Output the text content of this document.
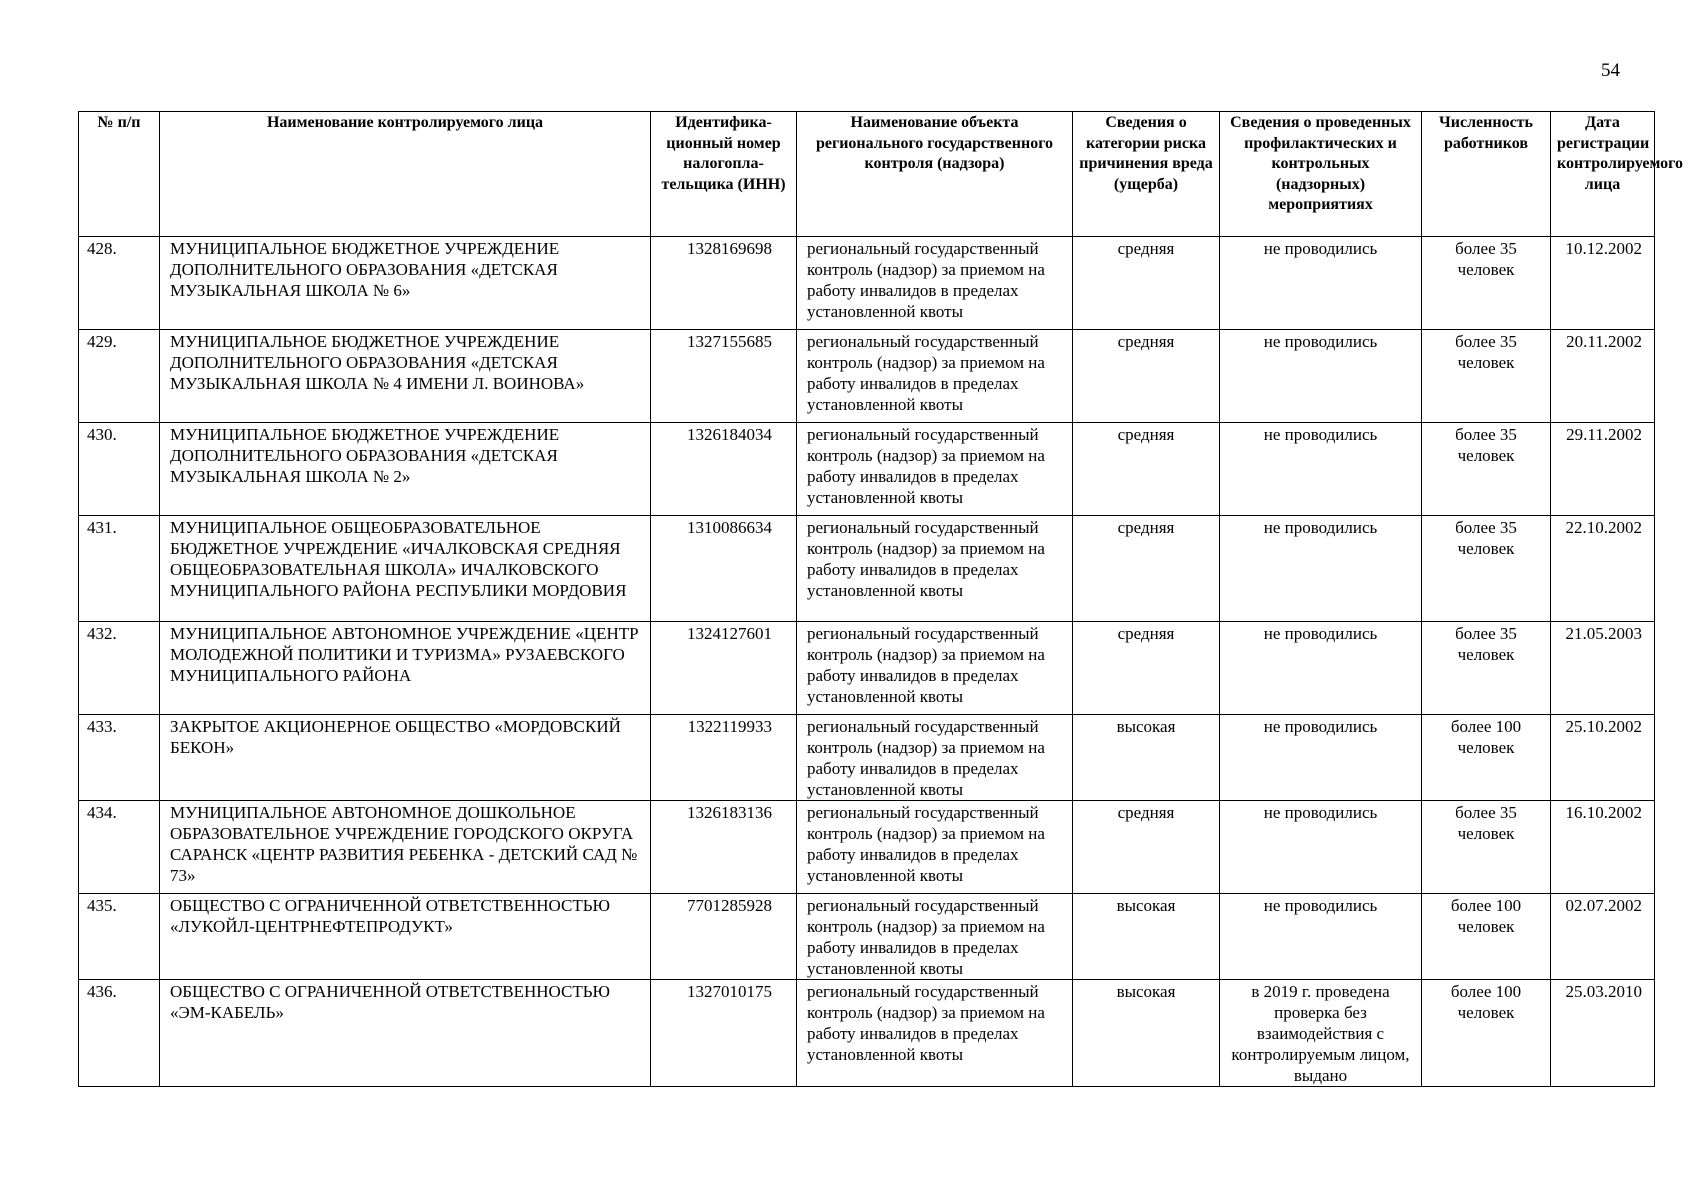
54
№ п/п	Наименование контролируемого лица	Идентифика-ционный номер налогопла-тельщика (ИНН)	Наименование объекта регионального государственного контроля (надзора)	Сведения о категории риска причинения вреда (ущерба)	Сведения о проведенных профилактических и контрольных (надзорных) мероприятиях	Численность работников	Дата регистрации контролируемого лица
428.	МУНИЦИПАЛЬНОЕ БЮДЖЕТНОЕ УЧРЕЖДЕНИЕ ДОПОЛНИТЕЛЬНОГО ОБРАЗОВАНИЯ «ДЕТСКАЯ МУЗЫКАЛЬНАЯ ШКОЛА № 6»	1328169698	региональный государственный контроль (надзор) за приемом на работу инвалидов в пределах установленной квоты	средняя	не проводились	более 35 человек	10.12.2002
429.	МУНИЦИПАЛЬНОЕ БЮДЖЕТНОЕ УЧРЕЖДЕНИЕ ДОПОЛНИТЕЛЬНОГО ОБРАЗОВАНИЯ «ДЕТСКАЯ МУЗЫКАЛЬНАЯ ШКОЛА № 4 ИМЕНИ Л. ВОИНОВА»	1327155685	региональный государственный контроль (надзор) за приемом на работу инвалидов в пределах установленной квоты	средняя	не проводились	более 35 человек	20.11.2002
430.	МУНИЦИПАЛЬНОЕ БЮДЖЕТНОЕ УЧРЕЖДЕНИЕ ДОПОЛНИТЕЛЬНОГО ОБРАЗОВАНИЯ «ДЕТСКАЯ МУЗЫКАЛЬНАЯ ШКОЛА № 2»	1326184034	региональный государственный контроль (надзор) за приемом на работу инвалидов в пределах установленной квоты	средняя	не проводились	более 35 человек	29.11.2002
431.	МУНИЦИПАЛЬНОЕ ОБЩЕОБРАЗОВАТЕЛЬНОЕ БЮДЖЕТНОЕ УЧРЕЖДЕНИЕ «ИЧАЛКОВСКАЯ СРЕДНЯЯ ОБЩЕОБРАЗОВАТЕЛЬНАЯ ШКОЛА» ИЧАЛКОВСКОГО МУНИЦИПАЛЬНОГО РАЙОНА РЕСПУБЛИКИ МОРДОВИЯ	1310086634	региональный государственный контроль (надзор) за приемом на работу инвалидов в пределах установленной квоты	средняя	не проводились	более 35 человек	22.10.2002
432.	МУНИЦИПАЛЬНОЕ АВТОНОМНОЕ УЧРЕЖДЕНИЕ «ЦЕНТР МОЛОДЕЖНОЙ ПОЛИТИКИ И ТУРИЗМА» РУЗАЕВСКОГО МУНИЦИПАЛЬНОГО РАЙОНА	1324127601	региональный государственный контроль (надзор) за приемом на работу инвалидов в пределах установленной квоты	средняя	не проводились	более 35 человек	21.05.2003
433.	ЗАКРЫТОЕ АКЦИОНЕРНОЕ ОБЩЕСТВО «МОРДОВСКИЙ БЕКОН»	1322119933	региональный государственный контроль (надзор) за приемом на работу инвалидов в пределах установленной квоты	высокая	не проводились	более 100 человек	25.10.2002
434.	МУНИЦИПАЛЬНОЕ АВТОНОМНОЕ ДОШКОЛЬНОЕ ОБРАЗОВАТЕЛЬНОЕ УЧРЕЖДЕНИЕ ГОРОДСКОГО ОКРУГА САРАНСК «ЦЕНТР РАЗВИТИЯ РЕБЕНКА - ДЕТСКИЙ САД № 73»	1326183136	региональный государственный контроль (надзор) за приемом на работу инвалидов в пределах установленной квоты	средняя	не проводились	более 35 человек	16.10.2002
435.	ОБЩЕСТВО С ОГРАНИЧЕННОЙ ОТВЕТСТВЕННОСТЬЮ «ЛУКОЙЛ-ЦЕНТРНЕФТЕПРОДУКТ»	7701285928	региональный государственный контроль (надзор) за приемом на работу инвалидов в пределах установленной квоты	высокая	не проводились	более 100 человек	02.07.2002
436.	ОБЩЕСТВО С ОГРАНИЧЕННОЙ ОТВЕТСТВЕННОСТЬЮ «ЭМ-КАБЕЛЬ»	1327010175	региональный государственный контроль (надзор) за приемом на работу инвалидов в пределах установленной квоты	высокая	в 2019 г. проведена проверка без взаимодействия с контролируемым лицом, выдано	более 100 человек	25.03.2010
